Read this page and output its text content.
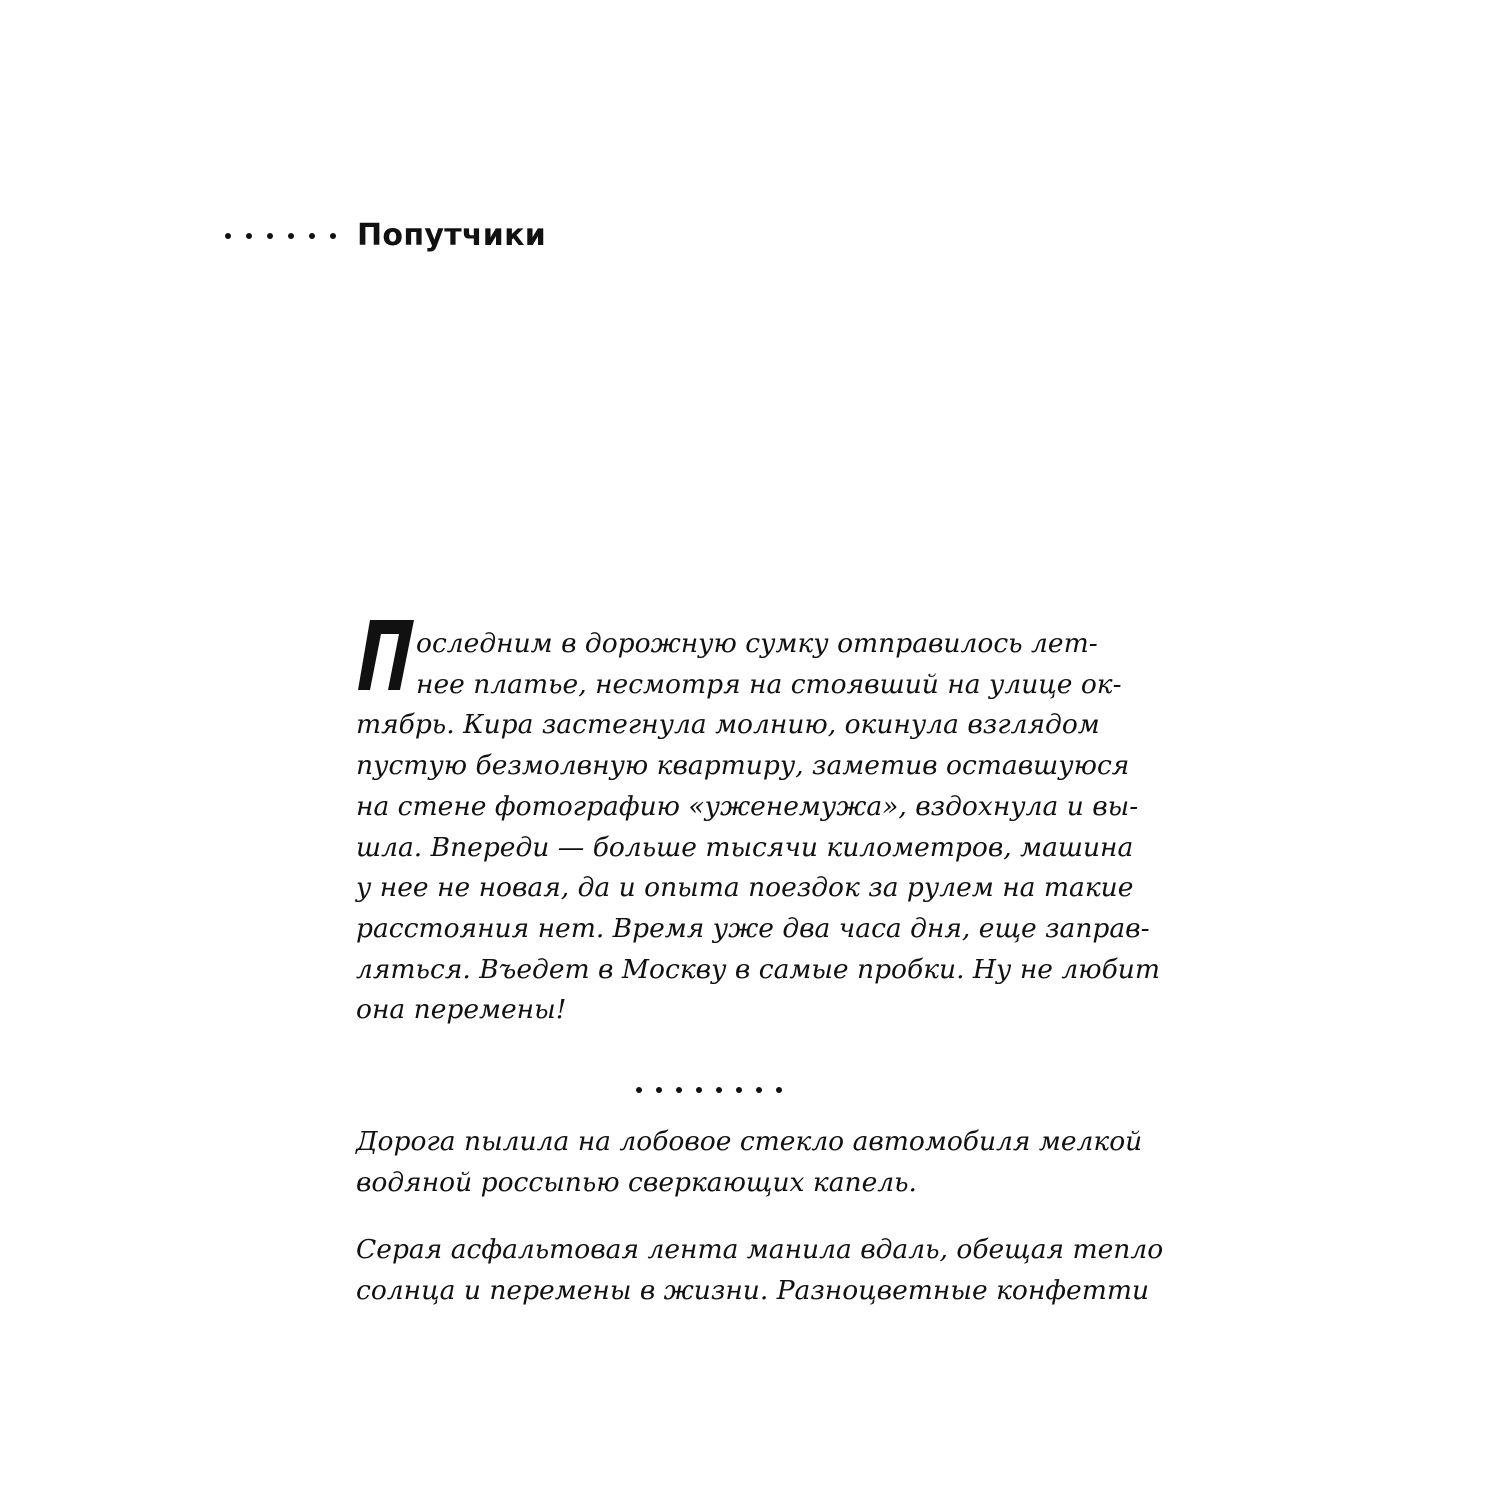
Попутчики
оследним в дорожную сумку отправилось лет-
нее платье, несмотря на стоявший на улице ок-
тябрь. Кира застегнула молнию, окинула взглядом
пустую безмолвную квартиру, заметив оставшуюся
на стене фотографию «уженемужа», вздохнула и вы-
шла. Впереди — больше тысячи километров, машина
у нее не новая, да и опыта поездок за рулем на такие
расстояния нет. Время уже два часа дня, еще заправ-
ляться. Въедет в Москву в самые пробки. Ну не любит
она перемены!
Дорога пылила на лобовое стекло автомобиля мелкой
водяной россыпью сверкающих капель.
Серая асфальтовая лента манила вдаль, обещая тепло
солнца и перемены в жизни. Разноцветные конфетти
